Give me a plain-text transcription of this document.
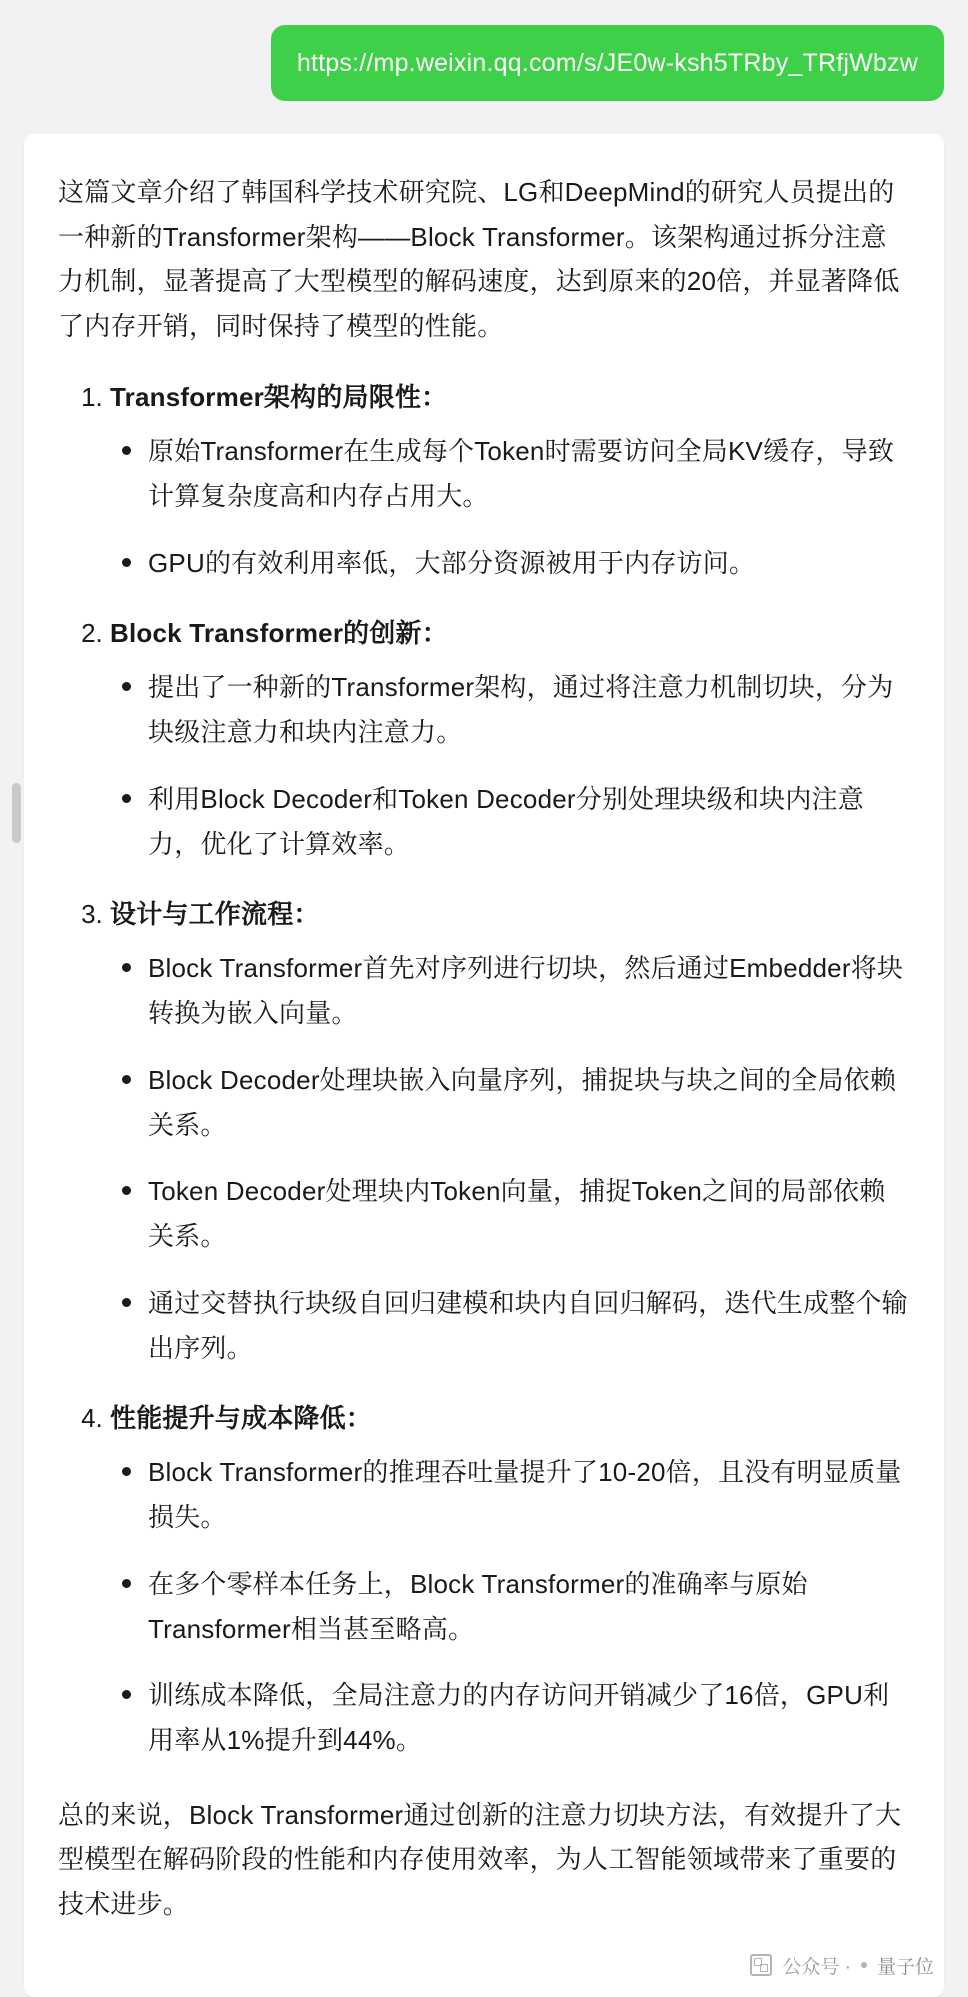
https://mp.weixin.qq.com/s/JE0w-ksh5TRby_TRfjWbzw

这篇文章介绍了韩国科学技术研究院、LG和DeepMind的研究人员提出的一种新的Transformer架构——Block Transformer。该架构通过拆分注意力机制，显著提高了大型模型的解码速度，达到原来的20倍，并显著降低了内存开销，同时保持了模型的性能。

1. Transformer架构的局限性：
原始Transformer在生成每个Token时需要访问全局KV缓存，导致计算复杂度高和内存占用大。
GPU的有效利用率低，大部分资源被用于内存访问。
2. Block Transformer的创新：
提出了一种新的Transformer架构，通过将注意力机制切块，分为块级注意力和块内注意力。
利用Block Decoder和Token Decoder分别处理块级和块内注意力，优化了计算效率。
3. 设计与工作流程：
Block Transformer首先对序列进行切块，然后通过Embedder将块转换为嵌入向量。
Block Decoder处理块嵌入向量序列，捕捉块与块之间的全局依赖关系。
Token Decoder处理块内Token向量，捕捉Token之间的局部依赖关系。
通过交替执行块级自回归建模和块内自回归解码，迭代生成整个输出序列。
4. 性能提升与成本降低：
Block Transformer的推理吞吐量提升了10-20倍，且没有明显质量损失。
在多个零样本任务上，Block Transformer的准确率与原始Transformer相当甚至略高。
训练成本降低，全局注意力的内存访问开销减少了16倍，GPU利用率从1%提升到44%。

总的来说，Block Transformer通过创新的注意力切块方法，有效提升了大型模型在解码阶段的性能和内存使用效率，为人工智能领域带来了重要的技术进步。

公众号 · 量子位
